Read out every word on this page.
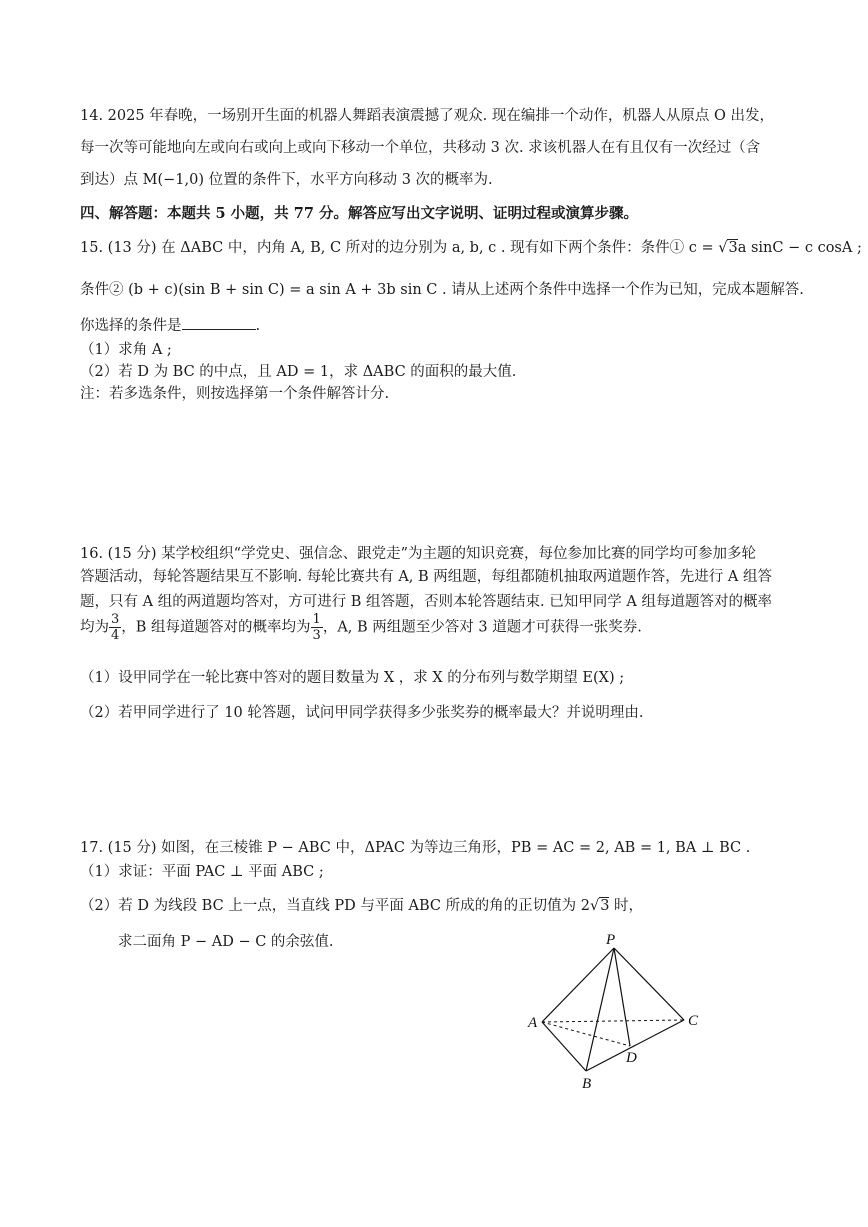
14. 2025 年春晚，一场别开生面的机器人舞蹈表演震撼了观众. 现在编排一个动作，机器人从原点 O 出发，
每一次等可能地向左或向右或向上或向下移动一个单位，共移动 3 次. 求该机器人在有且仅有一次经过（含
到达）点 M(−1,0) 位置的条件下，水平方向移动 3 次的概率为.
四、解答题：本题共 5 小题，共 77 分。解答应写出文字说明、证明过程或演算步骤。
15. (13 分) 在 ΔABC 中，内角 A, B, C 所对的边分别为 a, b, c . 现有如下两个条件：条件① c = √3a sinC − c cosA ;
条件② (b + c)(sin B + sin C) = a sin A + 3b sin C . 请从上述两个条件中选择一个作为已知，完成本题解答.
你选择的条件是	.
（1）求角 A ;
（2）若 D 为 BC 的中点，且 AD = 1，求 ΔABC 的面积的最大值.
注：若多选条件，则按选择第一个条件解答计分.
16. (15 分) 某学校组织“学党史、强信念、跟党走”为主题的知识竞赛，每位参加比赛的同学均可参加多轮
答题活动，每轮答题结果互不影响. 每轮比赛共有 A, B 两组题，每组都随机抽取两道题作答，先进行 A 组答
题，只有 A 组的两道题均答对，方可进行 B 组答题，否则本轮答题结束. 已知甲同学 A 组每道题答对的概率
均为 $\frac{3}{4}$ ，B 组每道题答对的概率均为 $\frac{1}{3}$ ，A, B 两组题至少答对 3 道题才可获得一张奖券.
（1）设甲同学在一轮比赛中答对的题目数量为 X ，求 X 的分布列与数学期望 E(X) ;
（2）若甲同学进行了 10 轮答题，试问甲同学获得多少张奖券的概率最大？并说明理由.
17. (15 分) 如图，在三棱锥 P − ABC 中，ΔPAC 为等边三角形，PB = AC = 2, AB = 1, BA ⊥ BC .
（1）求证：平面 PAC ⊥ 平面 ABC ;
（2）若 D 为线段 BC 上一点，当直线 PD 与平面 ABC 所成的角的正切值为 2√3 时，
求二面角 P − AD − C 的余弦值.	P
A	C
D
B
